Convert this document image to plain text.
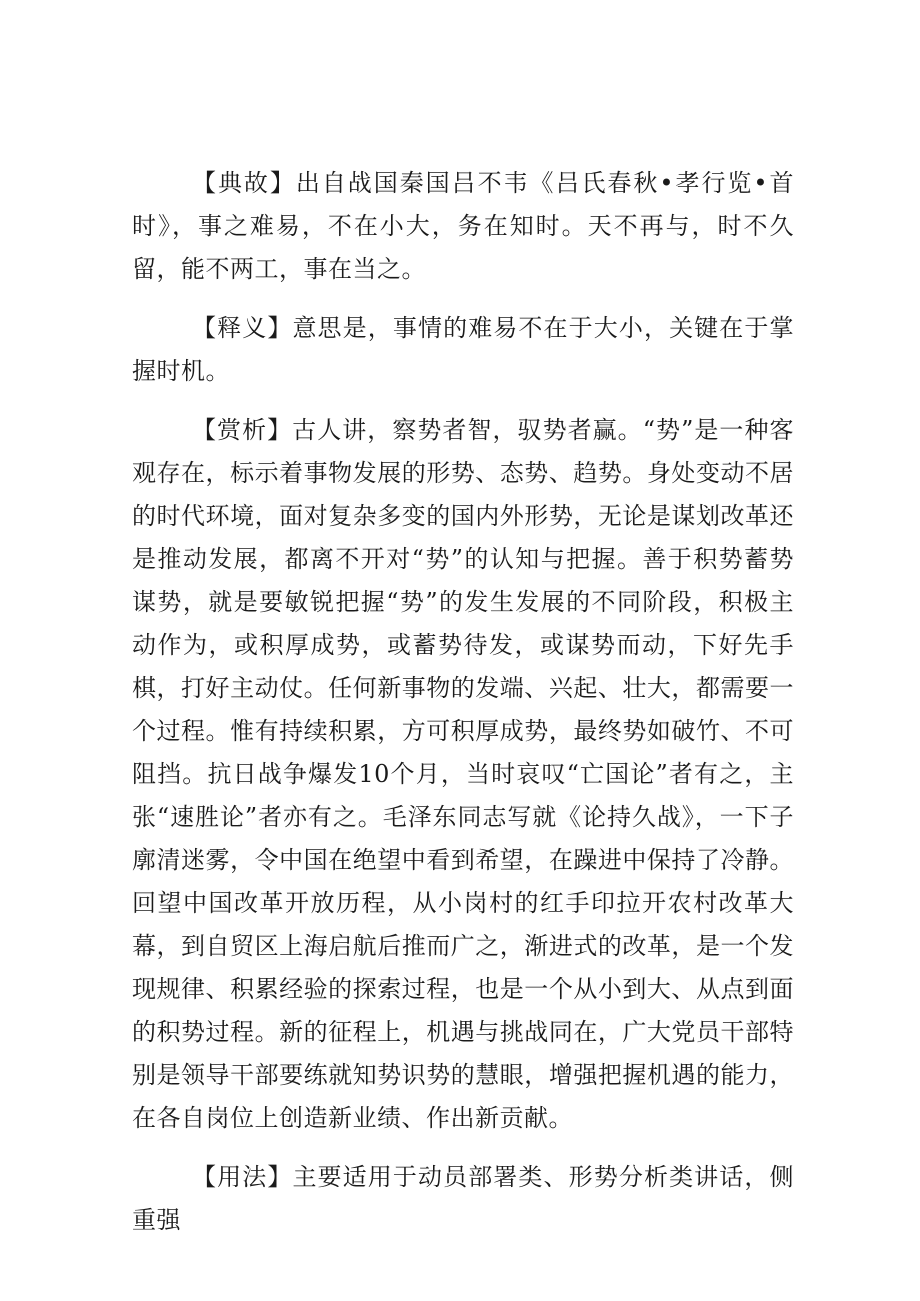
【典故】出自战国秦国吕不韦《吕氏春秋•孝行览•首时》，事之难易，不在小大，务在知时。天不再与，时不久留，能不两工，事在当之。

【释义】意思是，事情的难易不在于大小，关键在于掌握时机。

【赏析】古人讲，察势者智，驭势者赢。“势”是一种客观存在，标示着事物发展的形势、态势、趋势。身处变动不居的时代环境，面对复杂多变的国内外形势，无论是谋划改革还是推动发展，都离不开对“势”的认知与把握。善于积势蓄势谋势，就是要敏锐把握“势”的发生发展的不同阶段，积极主动作为，或积厚成势，或蓄势待发，或谋势而动，下好先手棋，打好主动仗。任何新事物的发端、兴起、壮大，都需要一个过程。惟有持续积累，方可积厚成势，最终势如破竹、不可阻挡。抗日战争爆发10个月，当时哀叹“亡国论”者有之，主张“速胜论”者亦有之。毛泽东同志写就《论持久战》，一下子廓清迷雾，令中国在绝望中看到希望，在躁进中保持了冷静。回望中国改革开放历程，从小岗村的红手印拉开农村改革大幕，到自贸区上海启航后推而广之，渐进式的改革，是一个发现规律、积累经验的探索过程，也是一个从小到大、从点到面的积势过程。新的征程上，机遇与挑战同在，广大党员干部特别是领导干部要练就知势识势的慧眼，增强把握机遇的能力，在各自岗位上创造新业绩、作出新贡献。

【用法】主要适用于动员部署类、形势分析类讲话，侧重强
